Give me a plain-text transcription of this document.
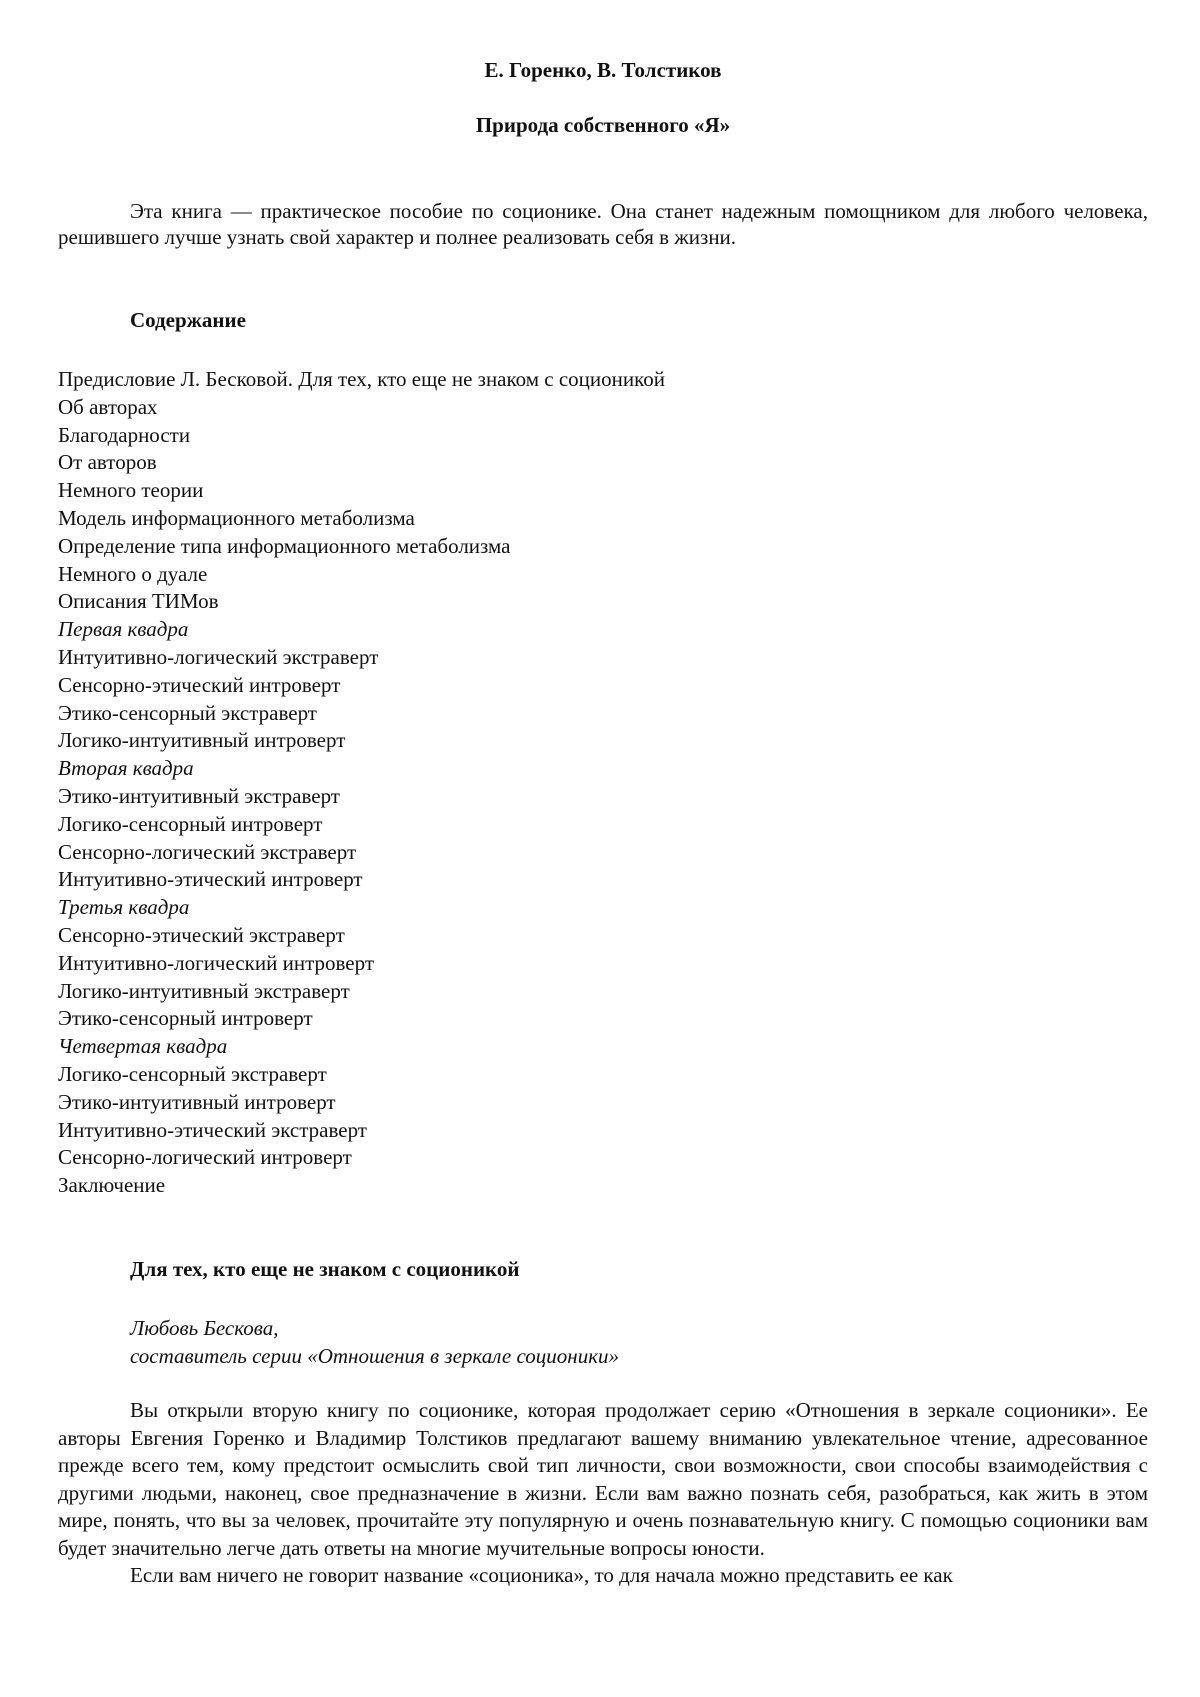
Е. Горенко, В. Толстиков
Природа собственного «Я»
Эта книга — практическое пособие по соционике. Она станет надежным помощником для любого человека, решившего лучше узнать свой характер и полнее реализовать себя в жизни.
Содержание
Предисловие Л. Бесковой. Для тех, кто еще не знаком с соционикой
Об авторах
Благодарности
От авторов
Немного теории
Модель информационного метаболизма
Определение типа информационного метаболизма
Немного о дуале
Описания ТИМов
Первая квадра
Интуитивно-логический экстраверт
Сенсорно-этический интроверт
Этико-сенсорный экстраверт
Логико-интуитивный интроверт
Вторая квадра
Этико-интуитивный экстраверт
Логико-сенсорный интроверт
Сенсорно-логический экстраверт
Интуитивно-этический интроверт
Третья квадра
Сенсорно-этический экстраверт
Интуитивно-логический интроверт
Логико-интуитивный экстраверт
Этико-сенсорный интроверт
Четвертая квадра
Логико-сенсорный экстраверт
Этико-интуитивный интроверт
Интуитивно-этический экстраверт
Сенсорно-логический интроверт
Заключение
Для тех, кто еще не знаком с соционикой
Любовь Бескова,
составитель серии «Отношения в зеркале соционики»

Вы открыли вторую книгу по соционике, которая продолжает серию «Отношения в зеркале соционики». Ее авторы Евгения Горенко и Владимир Толстиков предлагают вашему вниманию увлекательное чтение, адресованное прежде всего тем, кому предстоит осмыслить свой тип личности, свои возможности, свои способы взаимодействия с другими людьми, наконец, свое предназначение в жизни. Если вам важно познать себя, разобраться, как жить в этом мире, понять, что вы за человек, прочитайте эту популярную и очень познавательную книгу. С помощью соционики вам будет значительно легче дать ответы на многие мучительные вопросы юности.

Если вам ничего не говорит название «соционика», то для начала можно представить ее как
